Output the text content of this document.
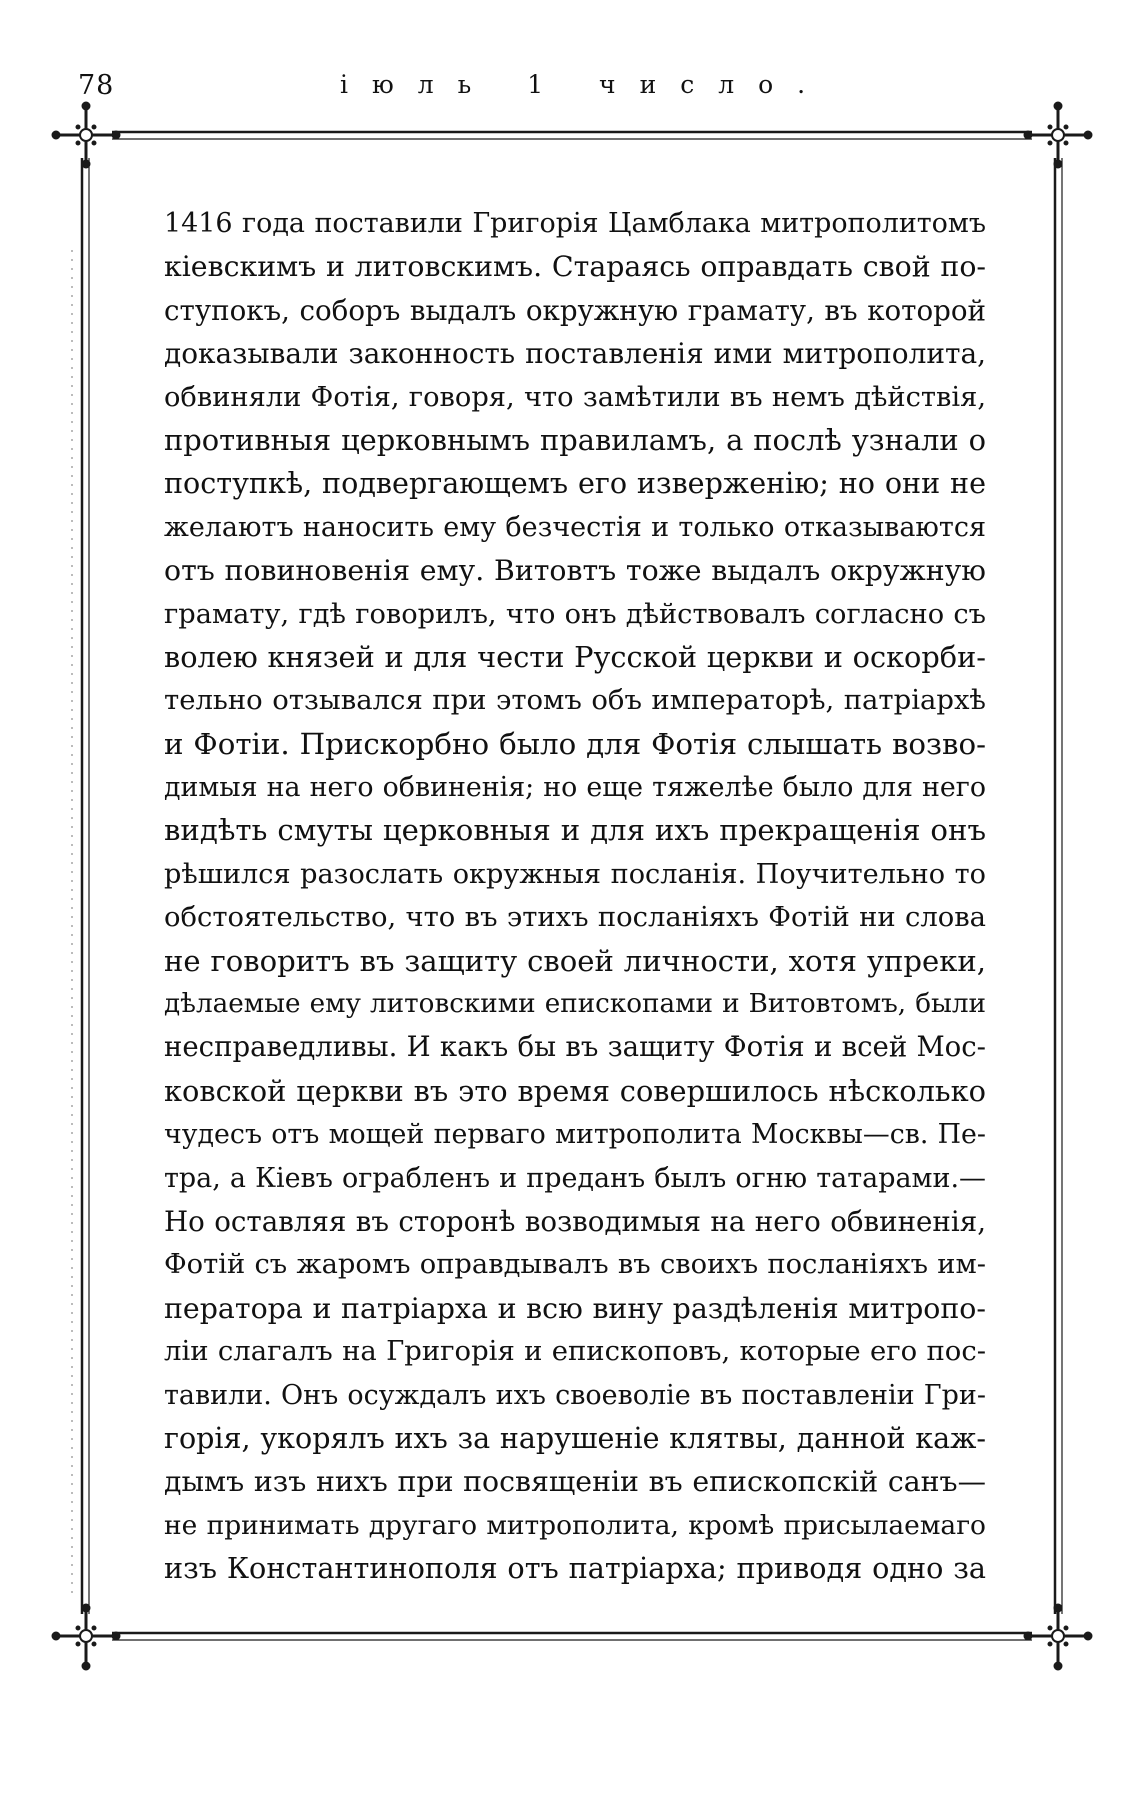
78	іюль 1 число.
1416 года поставили Григорія Цамблака митрополитомъ
кіевскимъ и литовскимъ. Стараясь оправдать свой по-
ступокъ, соборъ выдалъ окружную грамату, въ которой
доказывали законность поставленія ими митрополита,
обвиняли Фотія, говоря, что замѣтили въ немъ дѣйствія,
противныя церковнымъ правиламъ, а послѣ узнали о
поступкѣ, подвергающемъ его изверженію; но они не
желаютъ наносить ему безчестія и только отказываются
отъ повиновенія ему. Витовтъ тоже выдалъ окружную
грамату, гдѣ говорилъ, что онъ дѣйствовалъ согласно съ
волею князей и для чести Русской церкви и оскорби-
тельно отзывался при этомъ объ императорѣ, патріархѣ
и Фотіи. Прискорбно было для Фотія слышать возво-
димыя на него обвиненія; но еще тяжелѣе было для него
видѣть смуты церковныя и для ихъ прекращенія онъ
рѣшился разослать окружныя посланія. Поучительно то
обстоятельство, что въ этихъ посланіяхъ Фотій ни слова
не говоритъ въ защиту своей личности, хотя упреки,
дѣлаемые ему литовскими епископами и Витовтомъ, были
несправедливы. И какъ бы въ защиту Фотія и всей Мос-
ковской церкви въ это время совершилось нѣсколько
чудесъ отъ мощей перваго митрополита Москвы—св. Пе-
тра, а Кіевъ ограбленъ и преданъ былъ огню татарами.—
Но оставляя въ сторонѣ возводимыя на него обвиненія,
Фотій съ жаромъ оправдывалъ въ своихъ посланіяхъ им-
ператора и патріарха и всю вину раздѣленія митропо-
ліи слагалъ на Григорія и епископовъ, которые его пос-
тавили. Онъ осуждалъ ихъ своеволіе въ поставленіи Гри-
горія, укорялъ ихъ за нарушеніе клятвы, данной каж-
дымъ изъ нихъ при посвященіи въ епископскій санъ—
не принимать другаго митрополита, кромѣ присылаемаго
изъ Константинополя отъ патріарха; приводя одно за
